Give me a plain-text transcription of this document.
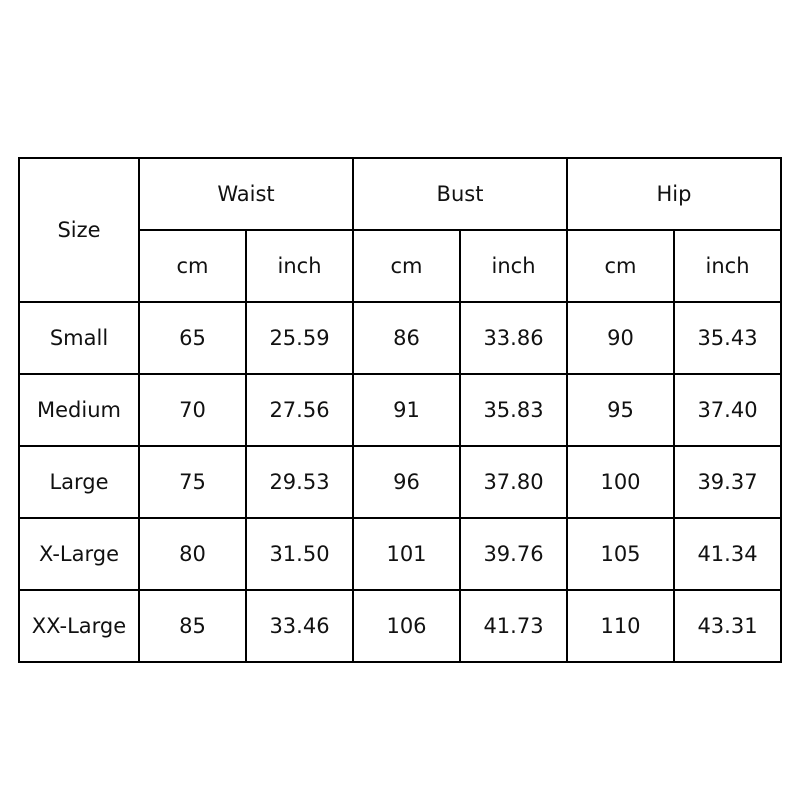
Size	Waist		Bust		Hip	
	cm	inch	cm	inch	cm	inch
Small	65	25.59	86	33.86	90	35.43
Medium	70	27.56	91	35.83	95	37.40
Large	75	29.53	96	37.80	100	39.37
X-Large	80	31.50	101	39.76	105	41.34
XX-Large	85	33.46	106	41.73	110	43.31
